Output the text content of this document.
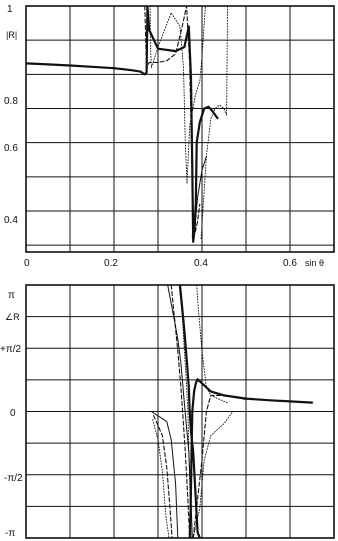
1
|R|
0.8
0.6
0.4
0	0.2	0.4	0.6 sin θ
π
∠R
+π/2
0
-π/2
-π
